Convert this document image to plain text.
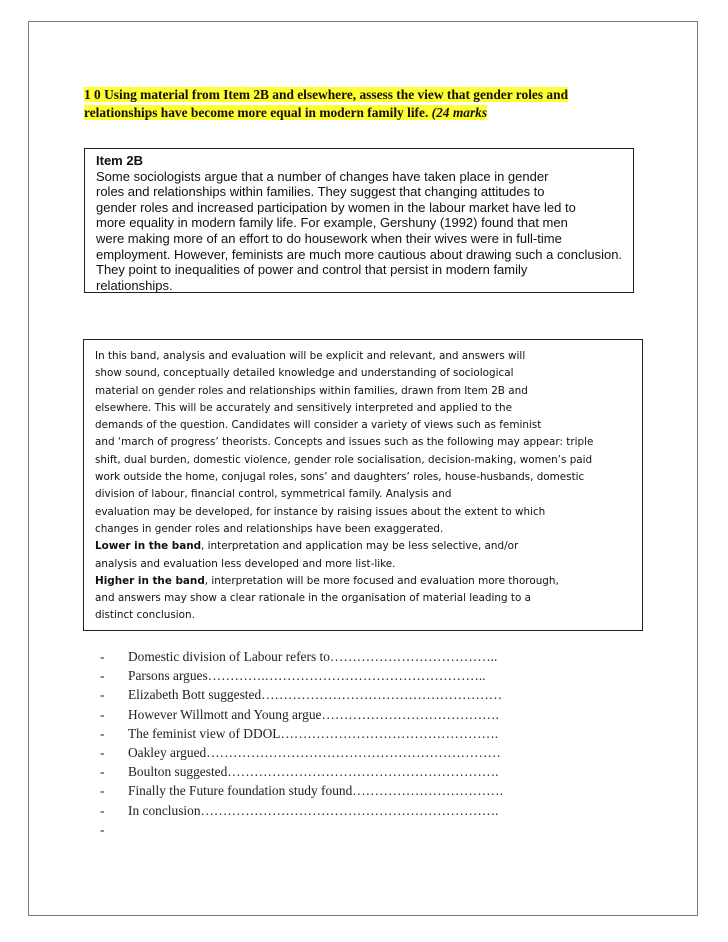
1 0 Using material from Item 2B and elsewhere, assess the view that gender roles and
relationships have become more equal in modern family life. (24 marks
Item 2B
Some sociologists argue that a number of changes have taken place in gender
roles and relationships within families. They suggest that changing attitudes to
gender roles and increased participation by women in the labour market have led to
more equality in modern family life. For example, Gershuny (1992) found that men
were making more of an effort to do housework when their wives were in full-time
employment. However, feminists are much more cautious about drawing such a conclusion.
They point to inequalities of power and control that persist in modern family
relationships.
In this band, analysis and evaluation will be explicit and relevant, and answers will
show sound, conceptually detailed knowledge and understanding of sociological
material on gender roles and relationships within families, drawn from Item 2B and
elsewhere. This will be accurately and sensitively interpreted and applied to the
demands of the question. Candidates will consider a variety of views such as feminist
and ‘march of progress’ theorists. Concepts and issues such as the following may appear: triple
shift, dual burden, domestic violence, gender role socialisation, decision-making, women’s paid
work outside the home, conjugal roles, sons’ and daughters’ roles, house-husbands, domestic
division of labour, financial control, symmetrical family. Analysis and
evaluation may be developed, for instance by raising issues about the extent to which
changes in gender roles and relationships have been exaggerated.
Lower in the band, interpretation and application may be less selective, and/or
analysis and evaluation less developed and more list-like.
Higher in the band, interpretation will be more focused and evaluation more thorough,
and answers may show a clear rationale in the organisation of material leading to a
distinct conclusion.
- Domestic division of Labour refers to………………………………..
- Parsons argues………….…………………………………………..
- Elizabeth Bott suggested………………………………………………
- However Willmott and Young argue………………………………….
- The feminist view of DDOL………………………………………….
- Oakley argued…………………………………………………………
- Boulton suggested…………………………………………………….
- Finally the Future foundation study found…………………………….
- In conclusion………………………………………………………….
-
